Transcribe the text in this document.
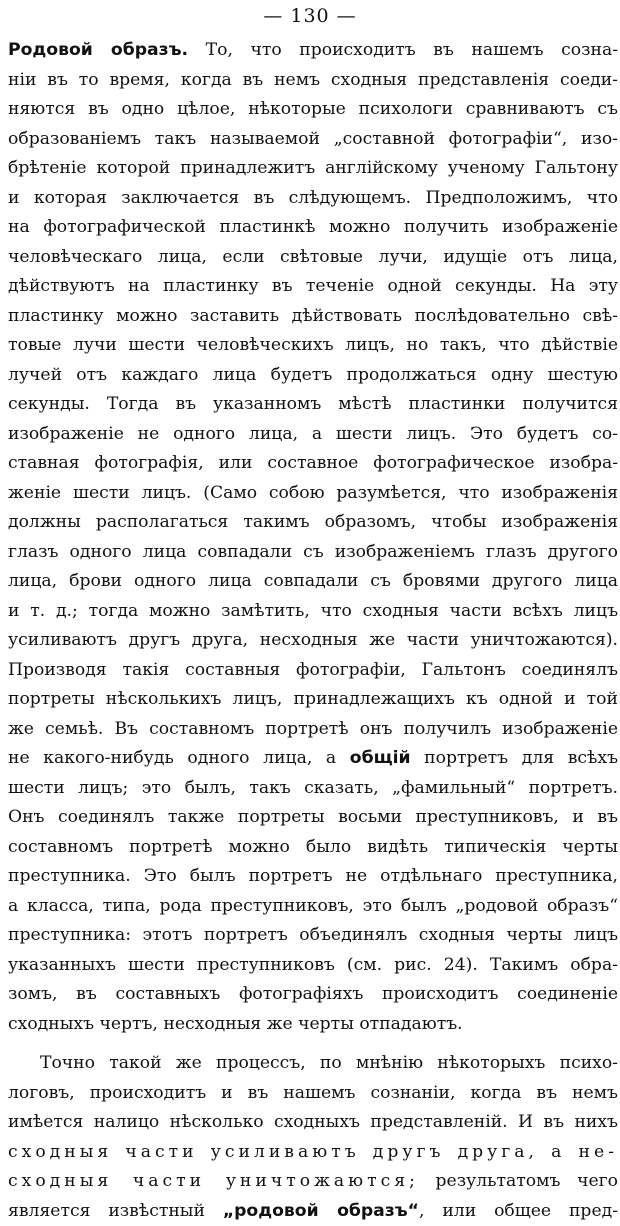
— 130 —
Родовой образъ. То, что происходитъ въ нашемъ созна-
нiи въ то время, когда въ немъ сходныя представленiя соеди-
няются въ одно цѣлое, нѣкоторые психологи сравниваютъ съ
образованiемъ такъ называемой „составной фотографiи“, изо-
брѣтенiе которой принадлежитъ англiйскому ученому Гальтону
и которая заключается въ слѣдующемъ. Предположимъ, что
на фотографической пластинкѣ можно получить изображенiе
человѣческаго лица, если свѣтовые лучи, идущiе отъ лица,
дѣйствуютъ на пластинку въ теченiе одной секунды. На эту
пластинку можно заставить дѣйствовать послѣдовательно свѣ-
товые лучи шести человѣческихъ лицъ, но такъ, что дѣйствiе
лучей отъ каждаго лица будетъ продолжаться одну шестую
секунды. Тогда въ указанномъ мѣстѣ пластинки получится
изображенiе не одного лица, а шести лицъ. Это будетъ со-
ставная фотографiя, или составное фотографическое изобра-
женiе шести лицъ. (Само собою разумѣется, что изображенiя
должны располагаться такимъ образомъ, чтобы изображенiя
глазъ одного лица совпадали съ изображенiемъ глазъ другого
лица, брови одного лица совпадали съ бровями другого лица
и т. д.; тогда можно замѣтить, что сходныя части всѣхъ лицъ
усиливаютъ другъ друга, несходныя же части уничтожаются).
Производя такiя составныя фотографiи, Гальтонъ соединялъ
портреты нѣсколькихъ лицъ, принадлежащихъ къ одной и той
же семьѣ. Въ составномъ портретѣ онъ получилъ изображенiе
не какого-нибудь одного лица, а общiй портретъ для всѣхъ
шести лицъ; это былъ, такъ сказать, „фамильный“ портретъ.
Онъ соединялъ также портреты восьми преступниковъ, и въ
составномъ портретѣ можно было видѣть типическiя черты
преступника. Это былъ портретъ не отдѣльнаго преступника,
а класса, типа, рода преступниковъ, это былъ „родовой образъ“
преступника: этотъ портретъ объединялъ сходныя черты лицъ
указанныхъ шести преступниковъ (см. рис. 24). Такимъ обра-
зомъ, въ составныхъ фотографiяхъ происходитъ соединенiе
сходныхъ чертъ, несходныя же черты отпадаютъ.
Точно такой же процессъ, по мнѣнiю нѣкоторыхъ психо-
логовъ, происходитъ и въ нашемъ сознанiи, когда въ немъ
имѣется налицо нѣсколько сходныхъ представленiй. И въ нихъ
сходныя части усиливаютъ другъ друга, а не-
сходныя части уничтожаются; результатомъ чего
является извѣстный „родовой образъ“, или общее пред-
